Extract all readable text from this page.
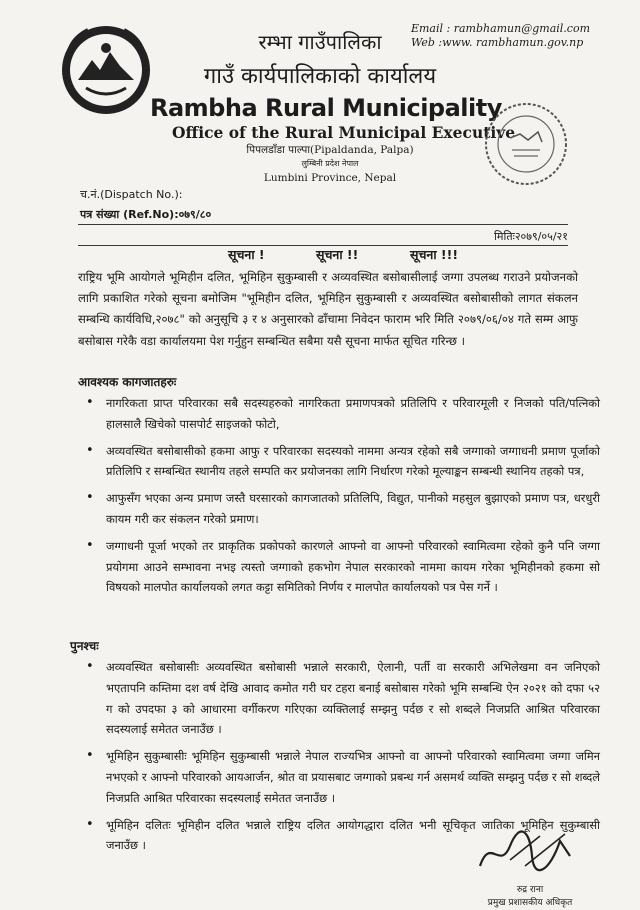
Email : rambhamun@gmail.com
Web :www. rambhamun.gov.np
रम्भा गाउँपालिका
गाउँ कार्यपालिकाको कार्यालय
Rambha Rural Municipality
Office of the Rural Municipal Executive
पिपलडाँडा पाल्पा(Pipaldanda, Palpa)
लुम्बिनी प्रदेश नेपाल
Lumbini Province, Nepal
च.नं.(Dispatch No.):
पत्र संख्या (Ref.No):०७९/८०
मितिः२०७९/०५/२१
सूचना !	सूचना !!	सूचना !!!
राष्ट्रिय भूमि आयोगले भूमिहीन दलित, भूमिहिन सुकुम्बासी र अव्यवस्थित बसोबासीलाई जग्गा उपलब्ध गराउने प्रयोजनको लागि प्रकाशित गरेको सूचना बमोजिम "भूमिहीन दलित, भूमिहिन सुकुम्बासी र अव्यवस्थित बसोबासीको लागत संकलन सम्बन्धि कार्यविधि,२०७८" को अनुसूचि ३ र ४ अनुसारको ढाँचामा निवेदन फाराम भरि मिति २०७९/०६/०४ गते सम्म आफु बसोबास गरेकै वडा कार्यालयमा पेश गर्नुहुन सम्बन्धित सबैमा यसै सूचना मार्फत सूचित गरिन्छ ।
आवश्यक कागजातहरुः
• नागरिकता प्राप्त परिवारका सबै सदस्यहरुको नागरिकता प्रमाणपत्रको प्रतिलिपि र परिवारमूली र निजको पति/पत्निको हालसालै खिचेको पासपोर्ट साइजको फोटो,
• अव्यवस्थित बसोबासीको हकमा आफु र परिवारका सदस्यको नाममा अन्यत्र रहेको सबै जग्गाको जग्गाधनी प्रमाण पूर्जाको प्रतिलिपि र सम्बन्धित स्थानीय तहले सम्पति कर प्रयोजनका लागि निर्धारण गरेको मूल्याङ्कन सम्बन्धी स्थानिय तहको पत्र,
• आफुसँग भएका अन्य प्रमाण जस्तै घरसारको कागजातको प्रतिलिपि, विद्युत, पानीको महसुल बुझाएको प्रमाण पत्र, धरधुरी कायम गरी कर संकलन गरेको प्रमाण।
• जग्गाधनी पूर्जा भएको तर प्राकृतिक प्रकोपको कारणले आफ्नो वा आफ्नो परिवारको स्वामित्वमा रहेको कुनै पनि जग्गा प्रयोगमा आउने सम्भावना नभइ त्यस्तो जग्गाको हकभोग नेपाल सरकारको नाममा कायम गरेका भूमिहीनको हकमा सो विषयको मालपोत कार्यालयको लगत कट्टा समितिको निर्णय र मालपोत कार्यालयको पत्र पेस गर्ने ।
पुनश्चः
• अव्यवस्थित बसोबासीः अव्यवस्थित बसोबासी भन्नाले सरकारी, ऐलानी, पर्ती वा सरकारी अभिलेखमा वन जनिएको भएतापनि कम्तिमा दश वर्ष देखि आवाद कमोत गरी घर टहरा बनाई बसोबास गरेको भूमि सम्बन्धि ऐन २०२१ को दफा ५२ ग को उपदफा ३ को आधारमा वर्गीकरण गरिएका व्यक्तिलाई सम्झनु पर्दछ र सो शब्दले निजप्रति आश्रित परिवारका सदस्यलाई समेतत जनाउँछ ।
• भूमिहिन सुकुम्बासीः भूमिहिन सुकुम्बासी भन्नाले नेपाल राज्यभित्र आफ्नो वा आफ्नो परिवारको स्वामित्वमा जग्गा जमिन नभएको र आफ्नो परिवारको आयआर्जन, श्रोत वा प्रयासबाट जग्गाको प्रबन्ध गर्न असमर्थ व्यक्ति सम्झनु पर्दछ र सो शब्दले निजप्रति आश्रित परिवारका सदस्यलाई समेतत जनाउँछ ।
• भूमिहिन दलितः भूमिहीन दलित भन्नाले राष्ट्रिय दलित आयोगद्धारा दलित भनी सूचिकृत जातिका भूमिहिन सुकुम्बासी जनाउँछ ।
रुद्र राना
प्रमुख प्रशासकीय अधिकृत
